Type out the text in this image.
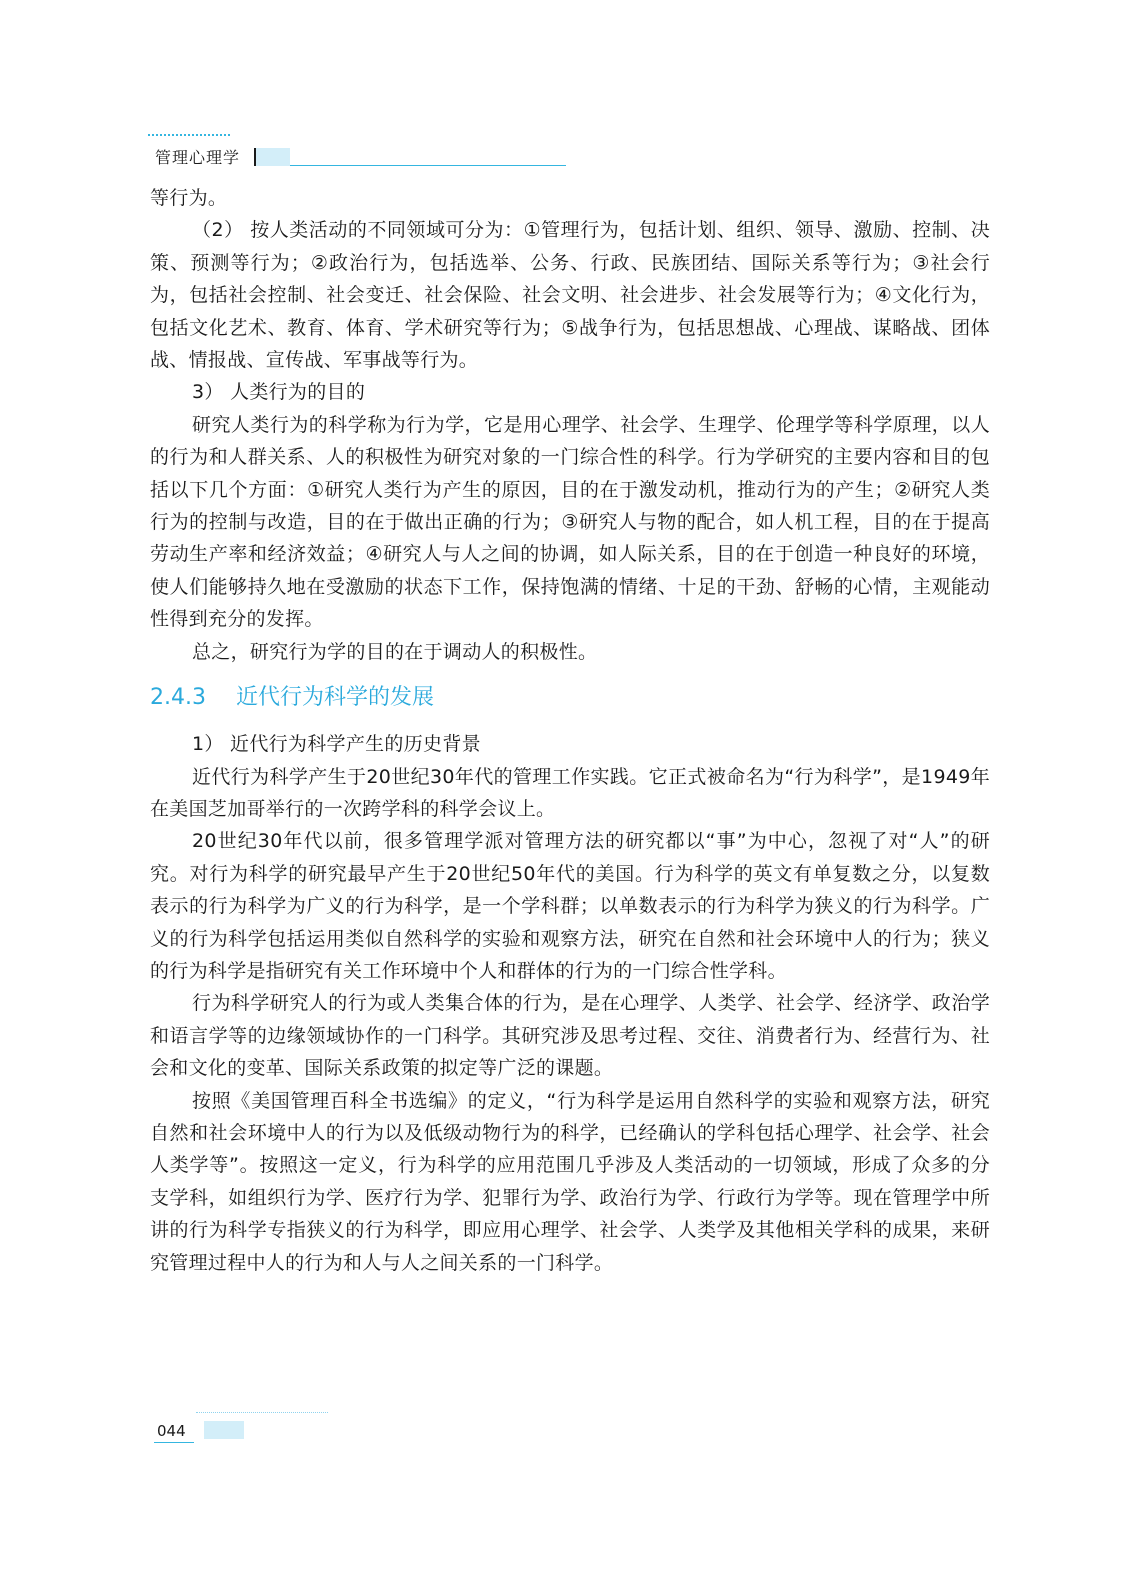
管理心理学

等行为。

（2） 按人类活动的不同领域可分为：①管理行为，包括计划、组织、领导、激励、控制、决策、预测等行为；②政治行为，包括选举、公务、行政、民族团结、国际关系等行为；③社会行为，包括社会控制、社会变迁、社会保险、社会文明、社会进步、社会发展等行为；④文化行为，包括文化艺术、教育、体育、学术研究等行为；⑤战争行为，包括思想战、心理战、谋略战、团体战、情报战、宣传战、军事战等行为。

3） 人类行为的目的

研究人类行为的科学称为行为学，它是用心理学、社会学、生理学、伦理学等科学原理，以人的行为和人群关系、人的积极性为研究对象的一门综合性的科学。行为学研究的主要内容和目的包括以下几个方面：①研究人类行为产生的原因，目的在于激发动机，推动行为的产生；②研究人类行为的控制与改造，目的在于做出正确的行为；③研究人与物的配合，如人机工程，目的在于提高劳动生产率和经济效益；④研究人与人之间的协调，如人际关系，目的在于创造一种良好的环境，使人们能够持久地在受激励的状态下工作，保持饱满的情绪、十足的干劲、舒畅的心情，主观能动性得到充分的发挥。

总之，研究行为学的目的在于调动人的积极性。

2.4.3 近代行为科学的发展

1） 近代行为科学产生的历史背景

近代行为科学产生于20世纪30年代的管理工作实践。它正式被命名为“行为科学”，是1949年在美国芝加哥举行的一次跨学科的科学会议上。

20世纪30年代以前，很多管理学派对管理方法的研究都以“事”为中心，忽视了对“人”的研究。对行为科学的研究最早产生于20世纪50年代的美国。行为科学的英文有单复数之分，以复数表示的行为科学为广义的行为科学，是一个学科群；以单数表示的行为科学为狭义的行为科学。广义的行为科学包括运用类似自然科学的实验和观察方法，研究在自然和社会环境中人的行为；狭义的行为科学是指研究有关工作环境中个人和群体的行为的一门综合性学科。

行为科学研究人的行为或人类集合体的行为，是在心理学、人类学、社会学、经济学、政治学和语言学等的边缘领域协作的一门科学。其研究涉及思考过程、交往、消费者行为、经营行为、社会和文化的变革、国际关系政策的拟定等广泛的课题。

按照《美国管理百科全书选编》的定义，“行为科学是运用自然科学的实验和观察方法，研究自然和社会环境中人的行为以及低级动物行为的科学，已经确认的学科包括心理学、社会学、社会人类学等”。按照这一定义，行为科学的应用范围几乎涉及人类活动的一切领域，形成了众多的分支学科，如组织行为学、医疗行为学、犯罪行为学、政治行为学、行政行为学等。现在管理学中所讲的行为科学专指狭义的行为科学，即应用心理学、社会学、人类学及其他相关学科的成果，来研究管理过程中人的行为和人与人之间关系的一门科学。

044
